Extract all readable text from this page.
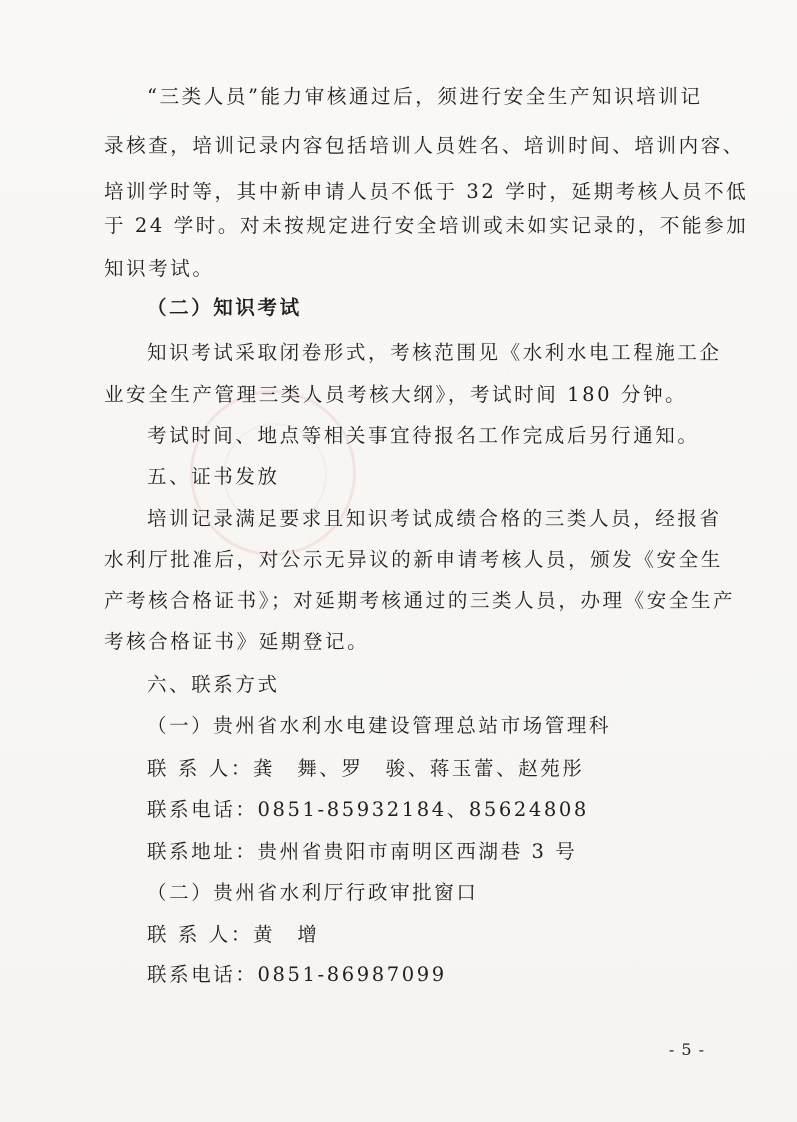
“三类人员”能力审核通过后，须进行安全生产知识培训记
录核查，培训记录内容包括培训人员姓名、培训时间、培训内容、
培训学时等，其中新申请人员不低于 32 学时，延期考核人员不低
于 24 学时。对未按规定进行安全培训或未如实记录的，不能参加
知识考试。
（二）知识考试
知识考试采取闭卷形式，考核范围见《水利水电工程施工企
业安全生产管理三类人员考核大纲》，考试时间 180 分钟。
考试时间、地点等相关事宜待报名工作完成后另行通知。
五、证书发放
培训记录满足要求且知识考试成绩合格的三类人员，经报省
水利厅批准后，对公示无异议的新申请考核人员，颁发《安全生
产考核合格证书》；对延期考核通过的三类人员，办理《安全生产
考核合格证书》延期登记。
六、联系方式
（一）贵州省水利水电建设管理总站市场管理科
联 系 人：龚　舞、罗　骏、蒋玉蕾、赵苑彤
联系电话：0851-85932184、85624808
联系地址：贵州省贵阳市南明区西湖巷 3 号
（二）贵州省水利厅行政审批窗口
联 系 人：黄　增
联系电话：0851-86987099
- 5 -
